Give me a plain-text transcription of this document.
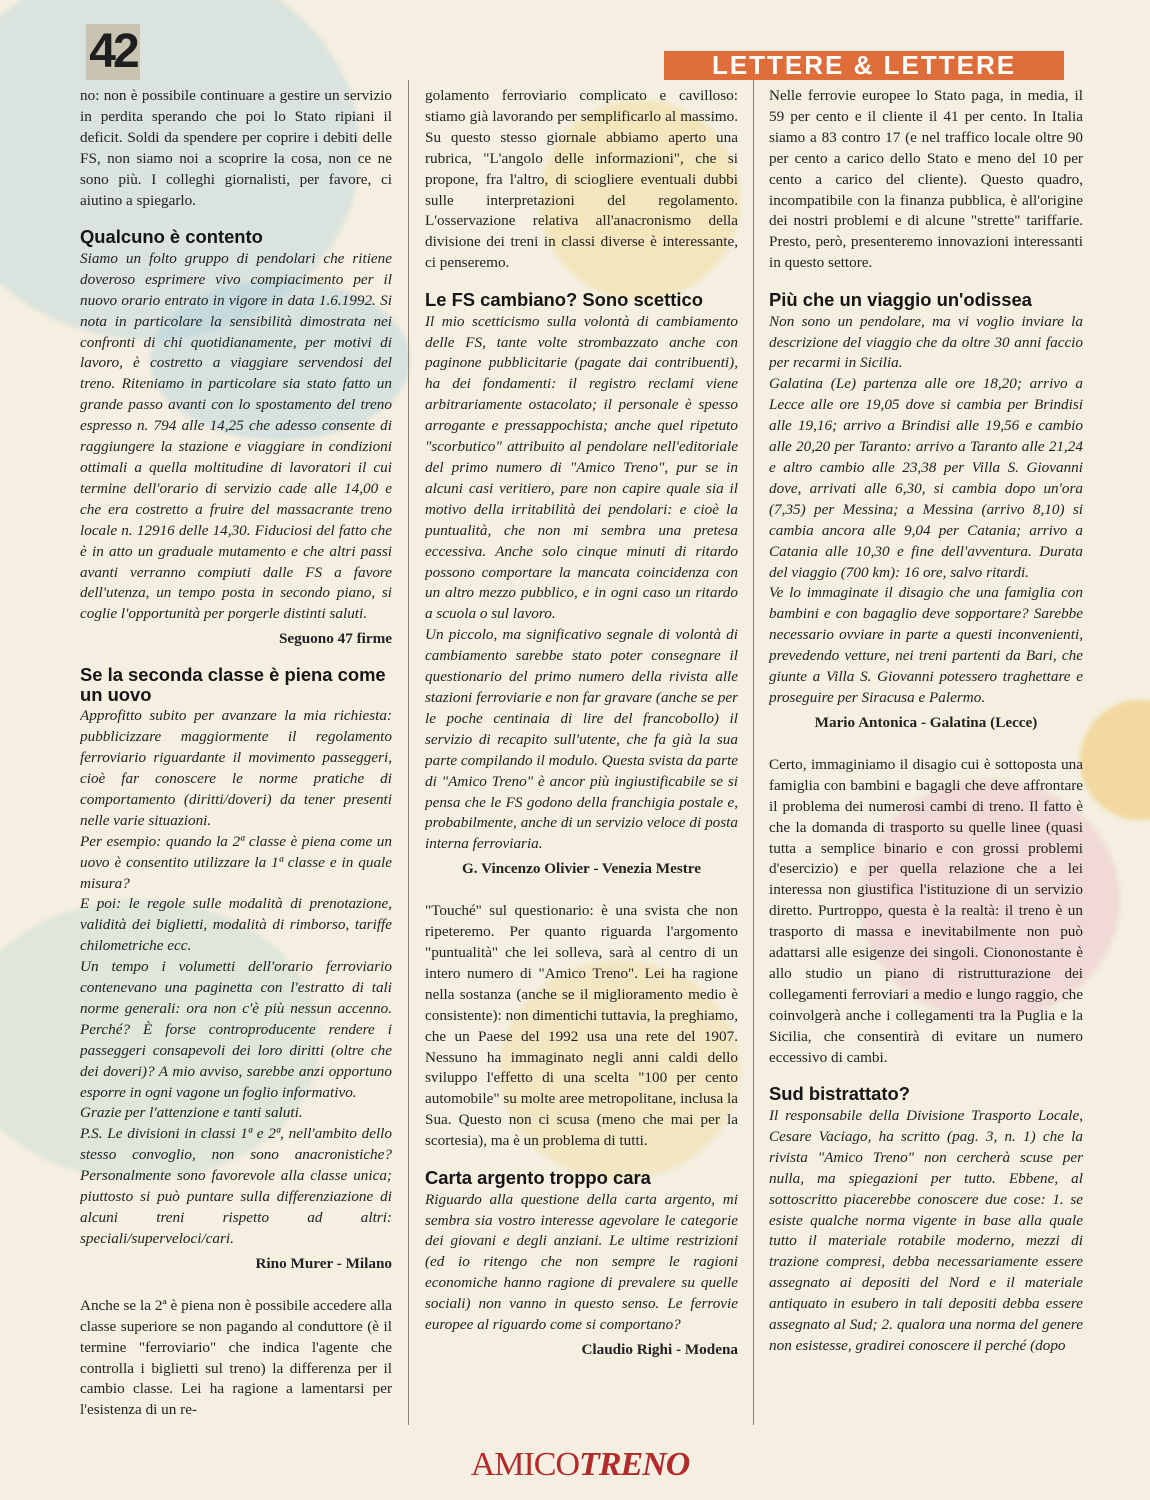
42	LETTERE & LETTERE

no: non è possibile continuare a gestire un servizio in perdita sperando che poi lo Stato ripiani il deficit. Soldi da spendere per coprire i debiti delle FS, non siamo noi a scoprire la cosa, non ce ne sono più. I colleghi giornalisti, per favore, ci aiutino a spiegarlo.

Qualcuno è contento

Siamo un folto gruppo di pendolari che ritiene doveroso esprimere vivo compiacimento per il nuovo orario entrato in vigore in data 1.6.1992. Si nota in particolare la sensibilità dimostrata nei confronti di chi quotidianamente, per motivi di lavoro, è costretto a viaggiare servendosi del treno. Riteniamo in particolare sia stato fatto un grande passo avanti con lo spostamento del treno espresso n. 794 alle 14,25 che adesso consente di raggiungere la stazione e viaggiare in condizioni ottimali a quella moltitudine di lavoratori il cui termine dell'orario di servizio cade alle 14,00 e che era costretto a fruire del massacrante treno locale n. 12916 delle 14,30. Fiduciosi del fatto che è in atto un graduale mutamento e che altri passi avanti verranno compiuti dalle FS a favore dell'utenza, un tempo posta in secondo piano, si coglie l'opportunità per porgerle distinti saluti.

Seguono 47 firme
Se la seconda classe è piena come un uovo

Approfitto subito per avanzare la mia richiesta: pubblicizzare maggiormente il regolamento ferroviario riguardante il movimento passeggeri, cioè far conoscere le norme pratiche di comportamento (diritti/doveri) da tener presenti nelle varie situazioni.

Per esempio: quando la 2ª classe è piena come un uovo è consentito utilizzare la 1ª classe e in quale misura?

E poi: le regole sulle modalità di prenotazione, validità dei biglietti, modalità di rimborso, tariffe chilometriche ecc.

Un tempo i volumetti dell'orario ferroviario contenevano una paginetta con l'estratto di tali norme generali: ora non c'è più nessun accenno. Perché? È forse controproducente rendere i passeggeri consapevoli dei loro diritti (oltre che dei doveri)? A mio avviso, sarebbe anzi opportuno esporre in ogni vagone un foglio informativo.

Grazie per l'attenzione e tanti saluti.

P.S. Le divisioni in classi 1ª e 2ª, nell'ambito dello stesso convoglio, non sono anacronistiche? Personalmente sono favorevole alla classe unica; piuttosto si può puntare sulla differenziazione di alcuni treni rispetto ad altri: speciali/superveloci/cari.

Rino Murer - Milano

Anche se la 2ª è piena non è possibile accedere alla classe superiore se non pagando al conduttore (è il termine "ferroviario" che indica l'agente che controlla i biglietti sul treno) la differenza per il cambio classe. Lei ha ragione a lamentarsi per l'esistenza di un re-

golamento ferroviario complicato e cavilloso: stiamo già lavorando per semplificarlo al massimo. Su questo stesso giornale abbiamo aperto una rubrica, "L'angolo delle informazioni", che si propone, fra l'altro, di sciogliere eventuali dubbi sulle interpretazioni del regolamento. L'osservazione relativa all'anacronismo della divisione dei treni in classi diverse è interessante, ci penseremo.

Le FS cambiano? Sono scettico

Il mio scetticismo sulla volontà di cambiamento delle FS, tante volte strombazzato anche con paginone pubblicitarie (pagate dai contribuenti), ha dei fondamenti: il registro reclami viene arbitrariamente ostacolato; il personale è spesso arrogante e pressappochista; anche quel ripetuto "scorbutico" attribuito al pendolare nell'editoriale del primo numero di "Amico Treno", pur se in alcuni casi veritiero, pare non capire quale sia il motivo della irritabilità dei pendolari: e cioè la puntualità, che non mi sembra una pretesa eccessiva. Anche solo cinque minuti di ritardo possono comportare la mancata coincidenza con un altro mezzo pubblico, e in ogni caso un ritardo a scuola o sul lavoro.

Un piccolo, ma significativo segnale di volontà di cambiamento sarebbe stato poter consegnare il questionario del primo numero della rivista alle stazioni ferroviarie e non far gravare (anche se per le poche centinaia di lire del francobollo) il servizio di recapito sull'utente, che fa già la sua parte compilando il modulo. Questa svista da parte di "Amico Treno" è ancor più ingiustificabile se si pensa che le FS godono della franchigia postale e, probabilmente, anche di un servizio veloce di posta interna ferroviaria.

G. Vincenzo Olivier - Venezia Mestre

"Touché" sul questionario: è una svista che non ripeteremo. Per quanto riguarda l'argomento "puntualità" che lei solleva, sarà al centro di un intero numero di "Amico Treno". Lei ha ragione nella sostanza (anche se il miglioramento medio è consistente): non dimentichi tuttavia, la preghiamo, che un Paese del 1992 usa una rete del 1907. Nessuno ha immaginato negli anni caldi dello sviluppo l'effetto di una scelta "100 per cento automobile" su molte aree metropolitane, inclusa la Sua. Questo non ci scusa (meno che mai per la scortesia), ma è un problema di tutti.

Carta argento troppo cara

Riguardo alla questione della carta argento, mi sembra sia vostro interesse agevolare le categorie dei giovani e degli anziani. Le ultime restrizioni (ed io ritengo che non sempre le ragioni economiche hanno ragione di prevalere su quelle sociali) non vanno in questo senso. Le ferrovie europee al riguardo come si comportano?

Claudio Righi - Modena

Nelle ferrovie europee lo Stato paga, in media, il 59 per cento e il cliente il 41 per cento. In Italia siamo a 83 contro 17 (e nel traffico locale oltre 90 per cento a carico dello Stato e meno del 10 per cento a carico del cliente). Questo quadro, incompatibile con la finanza pubblica, è all'origine dei nostri problemi e di alcune "strette" tariffarie. Presto, però, presenteremo innovazioni interessanti in questo settore.

Più che un viaggio un'odissea

Non sono un pendolare, ma vi voglio inviare la descrizione del viaggio che da oltre 30 anni faccio per recarmi in Sicilia.

Galatina (Le) partenza alle ore 18,20; arrivo a Lecce alle ore 19,05 dove si cambia per Brindisi alle 19,16; arrivo a Brindisi alle 19,56 e cambio alle 20,20 per Taranto: arrivo a Taranto alle 21,24 e altro cambio alle 23,38 per Villa S. Giovanni dove, arrivati alle 6,30, si cambia dopo un'ora (7,35) per Messina; a Messina (arrivo 8,10) si cambia ancora alle 9,04 per Catania; arrivo a Catania alle 10,30 e fine dell'avventura. Durata del viaggio (700 km): 16 ore, salvo ritardi.

Ve lo immaginate il disagio che una famiglia con bambini e con bagaglio deve sopportare? Sarebbe necessario ovviare in parte a questi inconvenienti, prevedendo vetture, nei treni partenti da Bari, che giunte a Villa S. Giovanni potessero traghettare e proseguire per Siracusa e Palermo.

Mario Antonica - Galatina (Lecce)

Certo, immaginiamo il disagio cui è sottoposta una famiglia con bambini e bagagli che deve affrontare il problema dei numerosi cambi di treno. Il fatto è che la domanda di trasporto su quelle linee (quasi tutta a semplice binario e con grossi problemi d'esercizio) e per quella relazione che a lei interessa non giustifica l'istituzione di un servizio diretto. Purtroppo, questa è la realtà: il treno è un trasporto di massa e inevitabilmente non può adattarsi alle esigenze dei singoli. Ciononostante è allo studio un piano di ristrutturazione dei collegamenti ferroviari a medio e lungo raggio, che coinvolgerà anche i collegamenti tra la Puglia e la Sicilia, che consentirà di evitare un numero eccessivo di cambi.

Sud bistrattato?

Il responsabile della Divisione Trasporto Locale, Cesare Vaciago, ha scritto (pag. 3, n. 1) che la rivista "Amico Treno" non cercherà scuse per nulla, ma spiegazioni per tutto. Ebbene, al sottoscritto piacerebbe conoscere due cose: 1. se esiste qualche norma vigente in base alla quale tutto il materiale rotabile moderno, mezzi di trazione compresi, debba necessariamente essere assegnato ai depositi del Nord e il materiale antiquato in esubero in tali depositi debba essere assegnato al Sud; 2. qualora una norma del genere non esistesse, gradirei conoscere il perché (dopo

AMICOTRENO
